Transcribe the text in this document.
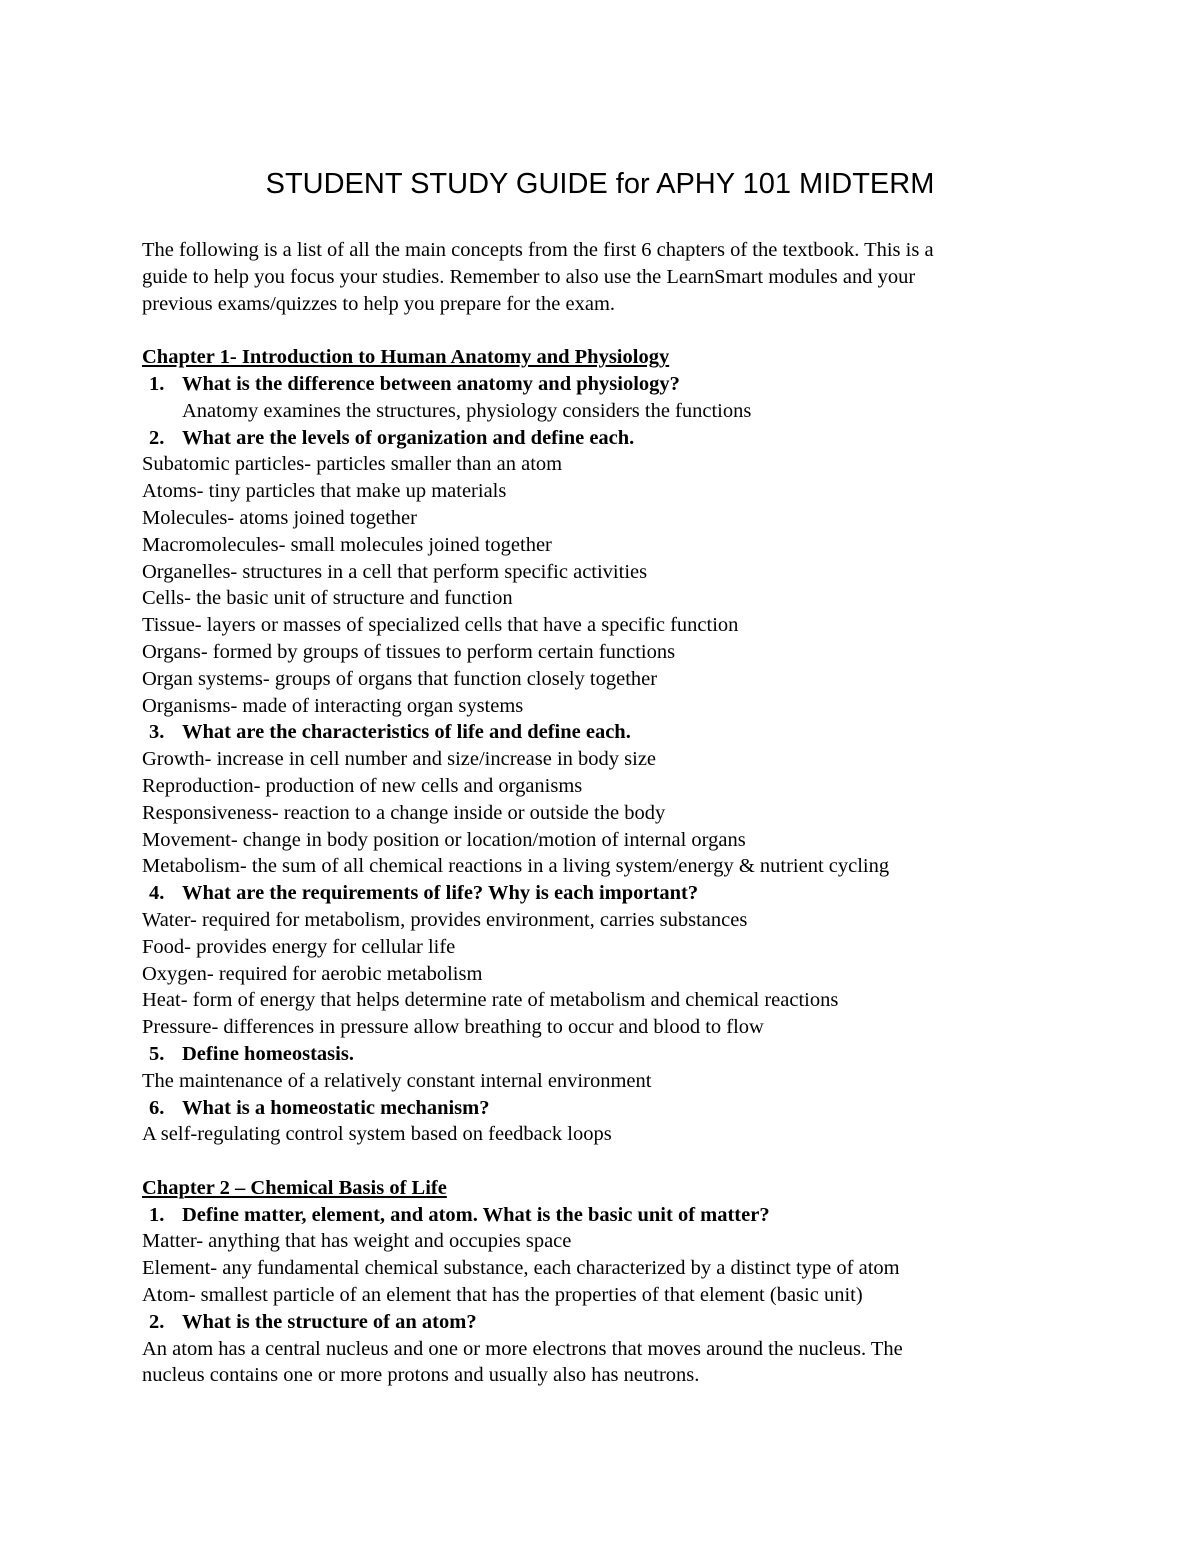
STUDENT STUDY GUIDE for APHY 101 MIDTERM
The following is a list of all the main concepts from the first 6 chapters of the textbook. This is a
guide to help you focus your studies. Remember to also use the LearnSmart modules and your
previous exams/quizzes to help you prepare for the exam.
Chapter 1- Introduction to Human Anatomy and Physiology
1. What is the difference between anatomy and physiology?
Anatomy examines the structures, physiology considers the functions
2. What are the levels of organization and define each.
Subatomic particles- particles smaller than an atom
Atoms- tiny particles that make up materials
Molecules- atoms joined together
Macromolecules- small molecules joined together
Organelles- structures in a cell that perform specific activities
Cells- the basic unit of structure and function
Tissue- layers or masses of specialized cells that have a specific function
Organs- formed by groups of tissues to perform certain functions
Organ systems- groups of organs that function closely together
Organisms- made of interacting organ systems
3. What are the characteristics of life and define each.
Growth- increase in cell number and size/increase in body size
Reproduction- production of new cells and organisms
Responsiveness- reaction to a change inside or outside the body
Movement- change in body position or location/motion of internal organs
Metabolism- the sum of all chemical reactions in a living system/energy & nutrient cycling
4. What are the requirements of life? Why is each important?
Water- required for metabolism, provides environment, carries substances
Food- provides energy for cellular life
Oxygen- required for aerobic metabolism
Heat- form of energy that helps determine rate of metabolism and chemical reactions
Pressure- differences in pressure allow breathing to occur and blood to flow
5. Define homeostasis.
The maintenance of a relatively constant internal environment
6. What is a homeostatic mechanism?
A self-regulating control system based on feedback loops
Chapter 2 – Chemical Basis of Life
1. Define matter, element, and atom. What is the basic unit of matter?
Matter- anything that has weight and occupies space
Element- any fundamental chemical substance, each characterized by a distinct type of atom
Atom- smallest particle of an element that has the properties of that element (basic unit)
2. What is the structure of an atom?
An atom has a central nucleus and one or more electrons that moves around the nucleus. The
nucleus contains one or more protons and usually also has neutrons.
